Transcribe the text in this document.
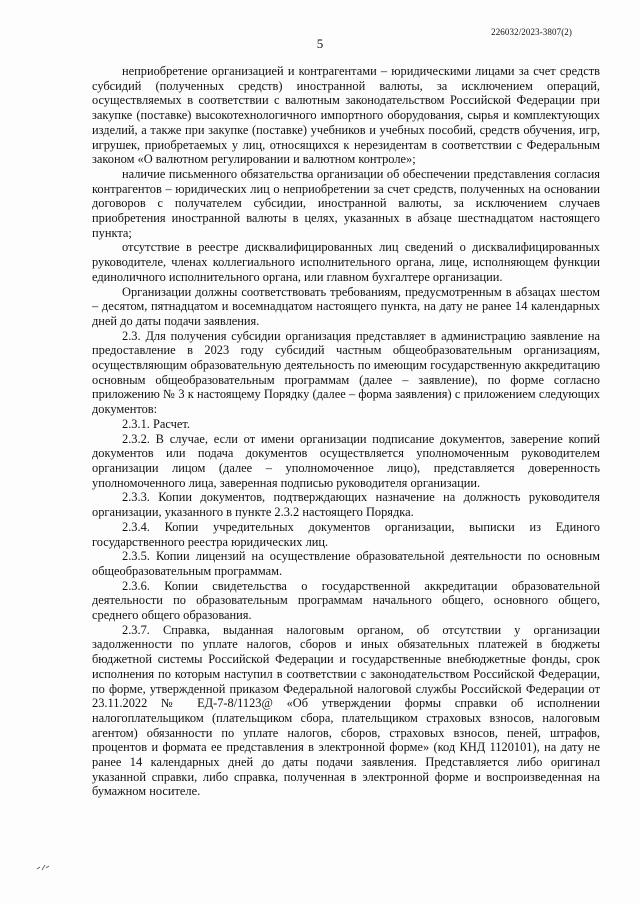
226032/2023-3807(2)
5

неприобретение организацией и контрагентами – юридическими лицами за счет средств субсидий (полученных средств) иностранной валюты, за исключением операций, осуществляемых в соответствии с валютным законодательством Российской Федерации при закупке (поставке) высокотехнологичного импортного оборудования, сырья и комплектующих изделий, а также при закупке (поставке) учебников и учебных пособий, средств обучения, игр, игрушек, приобретаемых у лиц, относящихся к нерезидентам в соответствии с Федеральным законом «О валютном регулировании и валютном контроле»;

наличие письменного обязательства организации об обеспечении представления согласия контрагентов – юридических лиц о неприобретении за счет средств, полученных на основании договоров с получателем субсидии, иностранной валюты, за исключением случаев приобретения иностранной валюты в целях, указанных в абзаце шестнадцатом настоящего пункта;

отсутствие в реестре дисквалифицированных лиц сведений о дисквалифицированных руководителе, членах коллегиального исполнительного органа, лице, исполняющем функции единоличного исполнительного органа, или главном бухгалтере организации.

Организации должны соответствовать требованиям, предусмотренным в абзацах шестом – десятом, пятнадцатом и восемнадцатом настоящего пункта, на дату не ранее 14 календарных дней до даты подачи заявления.

2.3. Для получения субсидии организация представляет в администрацию заявление на предоставление в 2023 году субсидий частным общеобразовательным организациям, осуществляющим образовательную деятельность по имеющим государственную аккредитацию основным общеобразовательным программам (далее – заявление), по форме согласно приложению № 3 к настоящему Порядку (далее – форма заявления) с приложением следующих документов:

2.3.1. Расчет.

2.3.2. В случае, если от имени организации подписание документов, заверение копий документов или подача документов осуществляется уполномоченным руководителем организации лицом (далее – уполномоченное лицо), представляется доверенность уполномоченного лица, заверенная подписью руководителя организации.

2.3.3. Копии документов, подтверждающих назначение на должность руководителя организации, указанного в пункте 2.3.2 настоящего Порядка.

2.3.4. Копии учредительных документов организации, выписки из Единого государственного реестра юридических лиц.

2.3.5. Копии лицензий на осуществление образовательной деятельности по основным общеобразовательным программам.

2.3.6. Копии свидетельства о государственной аккредитации образовательной деятельности по образовательным программам начального общего, основного общего, среднего общего образования.

2.3.7. Справка, выданная налоговым органом, об отсутствии у организации задолженности по уплате налогов, сборов и иных обязательных платежей в бюджеты бюджетной системы Российской Федерации и государственные внебюджетные фонды, срок исполнения по которым наступил в соответствии с законодательством Российской Федерации, по форме, утвержденной приказом Федеральной налоговой службы Российской Федерации от 23.11.2022 № ЕД-7-8/1123@ «Об утверждении формы справки об исполнении налогоплательщиком (плательщиком сбора, плательщиком страховых взносов, налоговым агентом) обязанности по уплате налогов, сборов, страховых взносов, пеней, штрафов, процентов и формата ее представления в электронной форме» (код КНД 1120101), на дату не ранее 14 календарных дней до даты подачи заявления. Представляется либо оригинал указанной справки, либо справка, полученная в электронной форме и воспроизведенная на бумажном носителе.
